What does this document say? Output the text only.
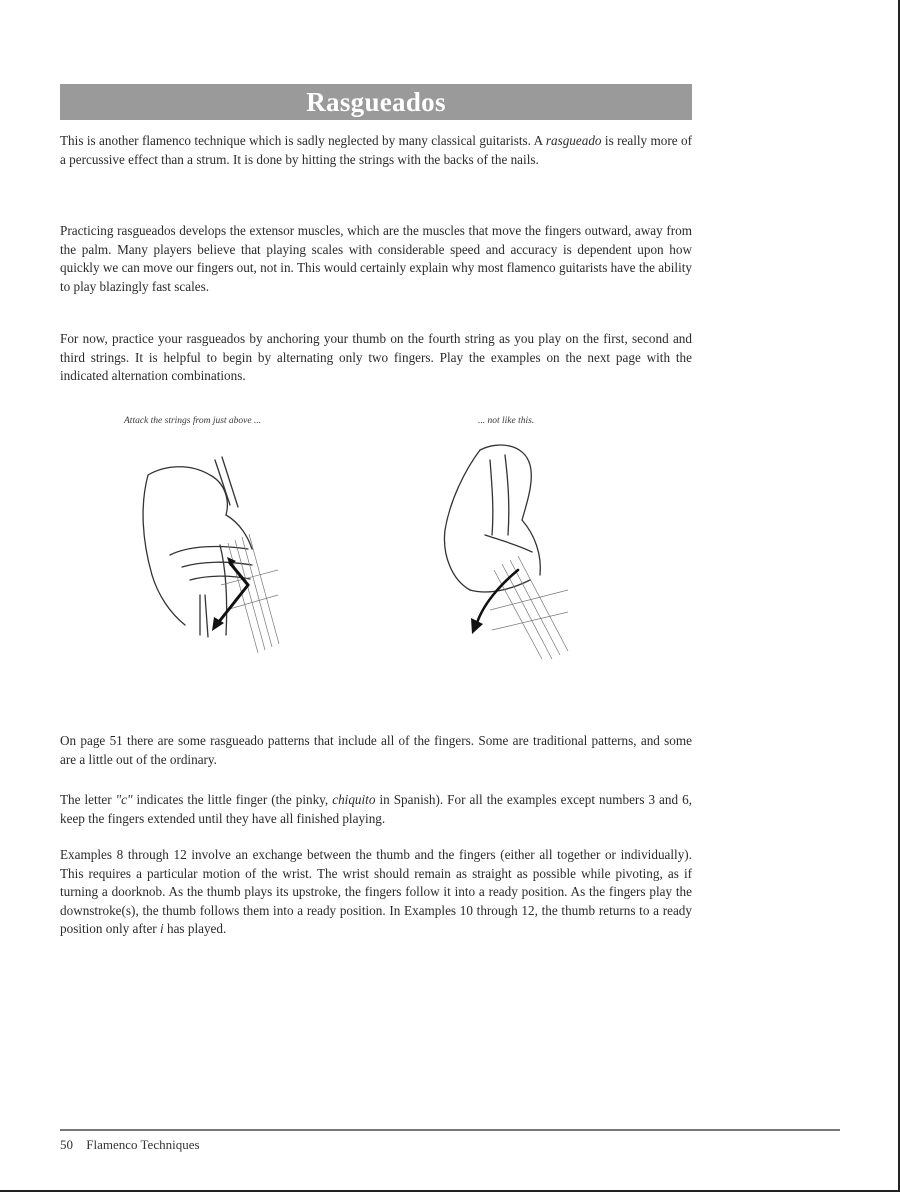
Rasgueados

This is another flamenco technique which is sadly neglected by many classical guitarists. A rasgueado is really more of a percussive effect than a strum. It is done by hitting the strings with the backs of the nails.

Practicing rasgueados develops the extensor muscles, which are the muscles that move the fingers outward, away from the palm. Many players believe that playing scales with considerable speed and accuracy is dependent upon how quickly we can move our fingers out, not in. This would certainly explain why most flamenco guitarists have the ability to play blazingly fast scales.

For now, practice your rasgueados by anchoring your thumb on the fourth string as you play on the first, second and third strings. It is helpful to begin by alternating only two fingers. Play the examples on the next page with the indicated alternation combinations.

Attack the strings from just above ...	... not like this.

On page 51 there are some rasgueado patterns that include all of the fingers. Some are traditional patterns, and some are a little out of the ordinary.

The letter "c" indicates the little finger (the pinky, chiquito in Spanish). For all the examples except numbers 3 and 6, keep the fingers extended until they have all finished playing.

Examples 8 through 12 involve an exchange between the thumb and the fingers (either all together or individually). This requires a particular motion of the wrist. The wrist should remain as straight as possible while pivoting, as if turning a doorknob. As the thumb plays its upstroke, the fingers follow it into a ready position. As the fingers play the downstroke(s), the thumb follows them into a ready position. In Examples 10 through 12, the thumb returns to a ready position only after i has played.

50 Flamenco Techniques
